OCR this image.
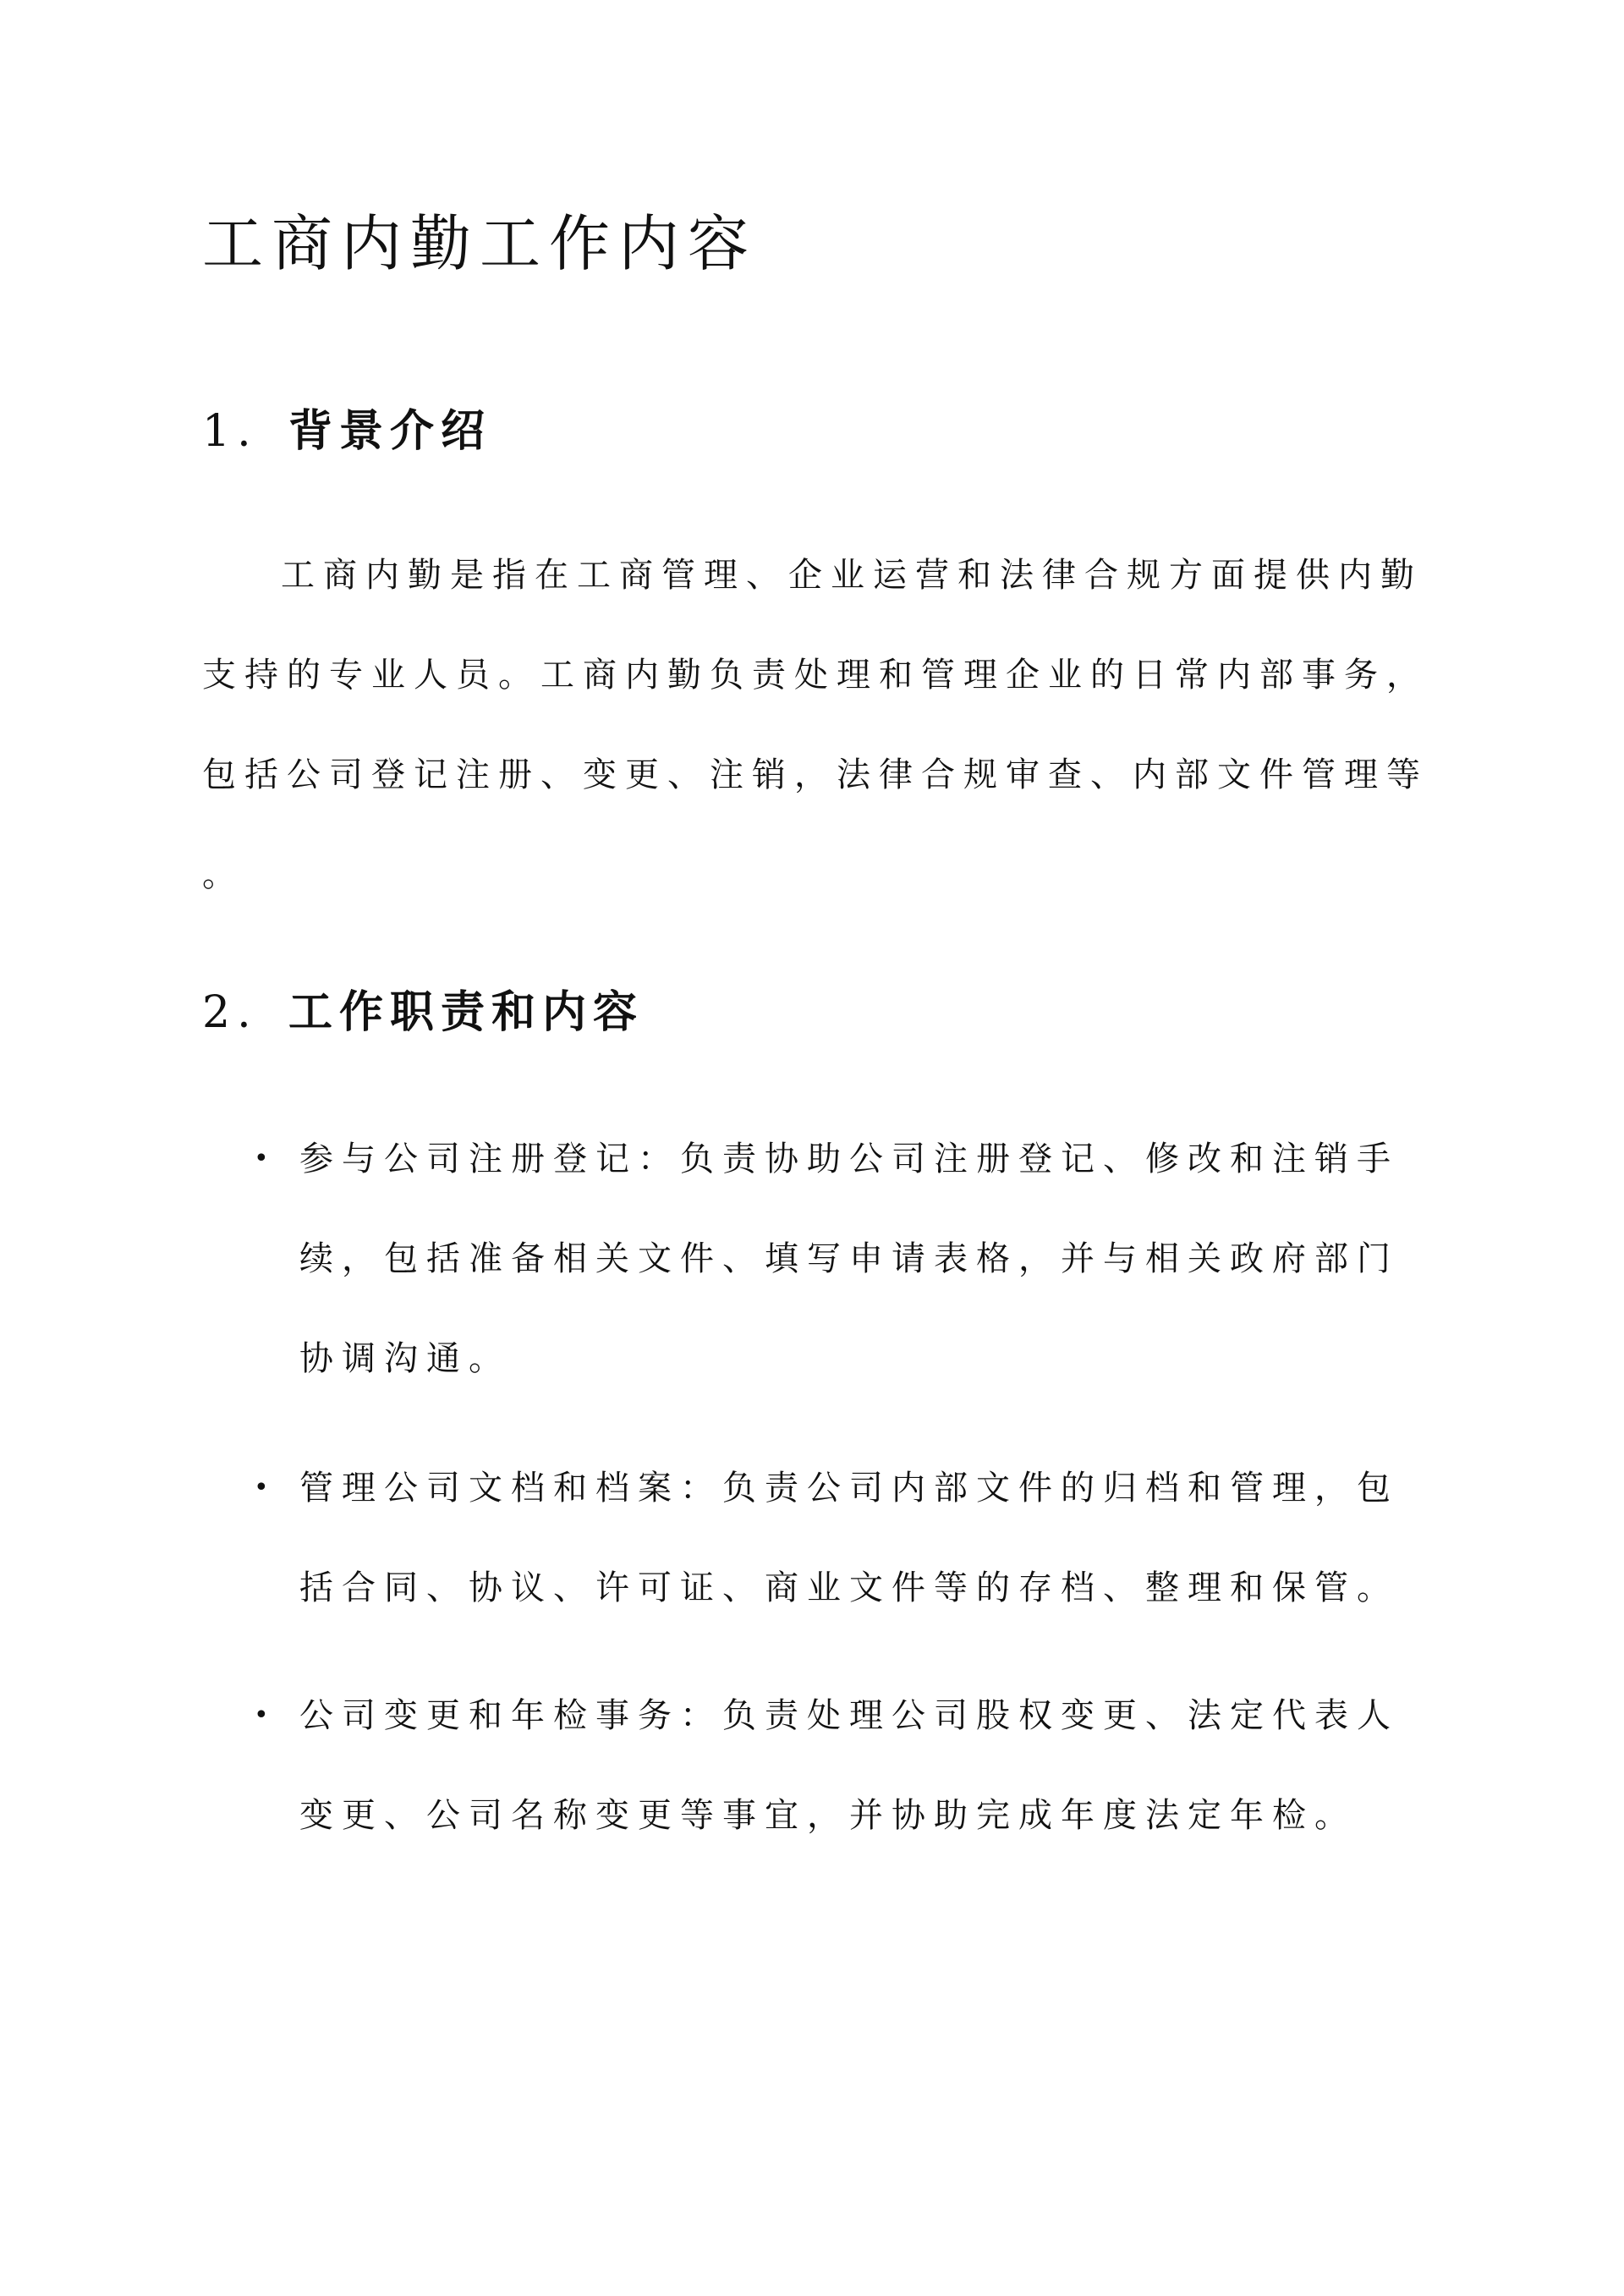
工商内勤工作内容
1. 背景介绍
工商内勤是指在工商管理、企业运营和法律合规方面提供内勤
支持的专业人员。工商内勤负责处理和管理企业的日常内部事务，
包括公司登记注册、变更、注销，法律合规审查、内部文件管理等
。
2. 工作职责和内容
• 参与公司注册登记：负责协助公司注册登记、修改和注销手
续，包括准备相关文件、填写申请表格，并与相关政府部门
协调沟通。
• 管理公司文档和档案：负责公司内部文件的归档和管理，包
括合同、协议、许可证、商业文件等的存档、整理和保管。
• 公司变更和年检事务：负责处理公司股权变更、法定代表人
变更、公司名称变更等事宜，并协助完成年度法定年检。
